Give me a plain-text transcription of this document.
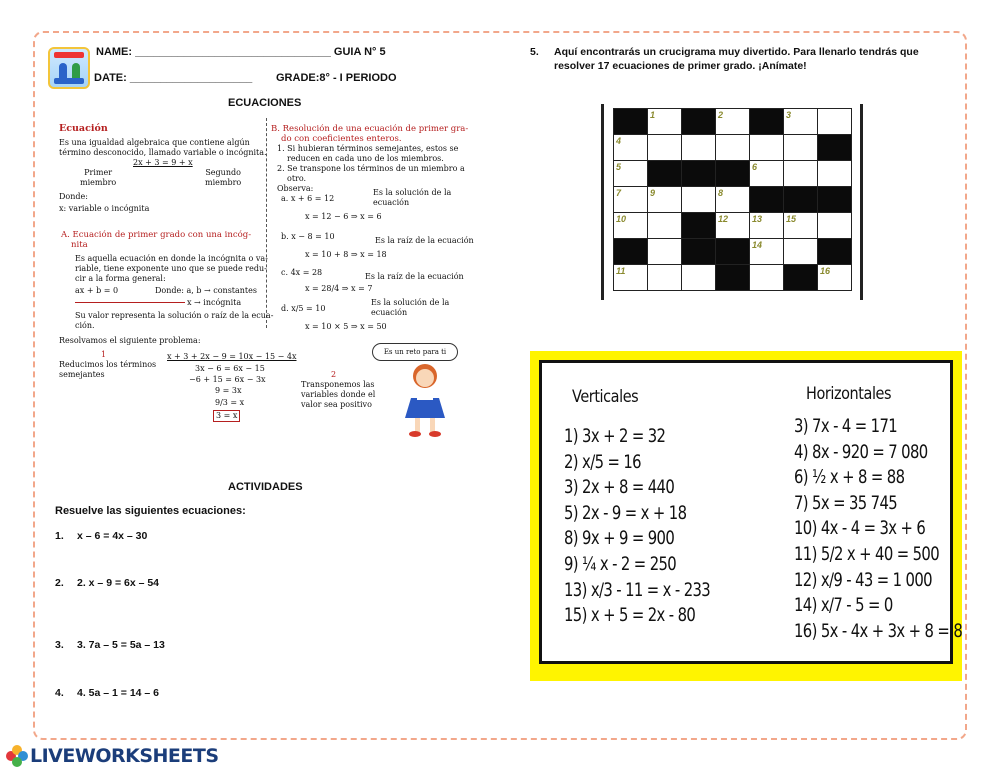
NAME: ________________________________ GUIA N° 5
DATE: ____________________ GRADE:8° - I PERIODO
ECUACIONES
Ecuación
Es una igualdad algebraica que contiene algún
término desconocido, llamado variable o incógnita.
2x + 3 = 9 + x
Primer
miembro
Segundo
miembro
Donde:
x: variable o incógnita
A. Ecuación de primer grado con una incóg-
nita
Es aquella ecuación en donde la incógnita o va-
riable, tiene exponente uno que se puede redu-
cir a la forma general:
ax + b = 0	Donde: a, b → constantes
x → incógnita
Su valor representa la solución o raíz de la ecua-
ción.
B. Resolución de una ecuación de primer gra-
do con coeficientes enteros.
1. Si hubieran términos semejantes, estos se
reducen en cada uno de los miembros.
2. Se transpone los términos de un miembro a
otro.
Observa:
a. x + 6 = 12
x = 12 − 6 ⇒ x = 6
Es la solución de la
ecuación
b. x − 8 = 10
x = 10 + 8 ⇒ x = 18
Es la raíz de la ecuación
c. 4x = 28
x = 28/4 ⇒ x = 7
Es la raíz de la ecuación
d. x/5 = 10
x = 10 × 5 ⇒ x = 50
Es la solución de la
ecuación
Resolvamos el siguiente problema:
x + 3 + 2x − 9 = 10x − 15 − 4x
3x − 6 = 6x − 15
−6 + 15 = 6x − 3x
9 = 3x
9/3 = x
3 = x
1
Reducimos los términos
semejantes	2
Transponemos las
variables donde el
valor sea positivo
Es un reto para ti
ACTIVIDADES
Resuelve las siguientes ecuaciones:
1. x – 6 = 4x – 30
2. 2. x – 9 = 6x – 54
3. 3. 7a – 5 = 5a – 13
4. 4. 5a – 1 = 14 – 6
5.	Aquí encontrarás un crucigrama muy divertido. Para llenarlo tendrás que resolver 17 ecuaciones de primer grado. ¡Anímate!
	1		2		3	
4						
5				6		
7	9		8			
10			12	13	15	
				14		
11						16
Verticales	Horizontales
1) 3x + 2 = 32
2) x/5 = 16
3) 2x + 8 = 440
5) 2x - 9 = x + 18
8) 9x + 9 = 900
9) ¼ x - 2 = 250
13) x/3 - 11 = x - 233
15) x + 5 = 2x - 80
3) 7x - 4 = 171
4) 8x - 920 = 7 080
6) ½ x + 8 = 88
7) 5x = 35 745
10) 4x - 4 = 3x + 6
11) 5/2 x + 40 = 500
12) x/9 - 43 = 1 000
14) x/7 - 5 = 0
16) 5x - 4x + 3x + 8 = 8
LIVEWORKSHEETS
